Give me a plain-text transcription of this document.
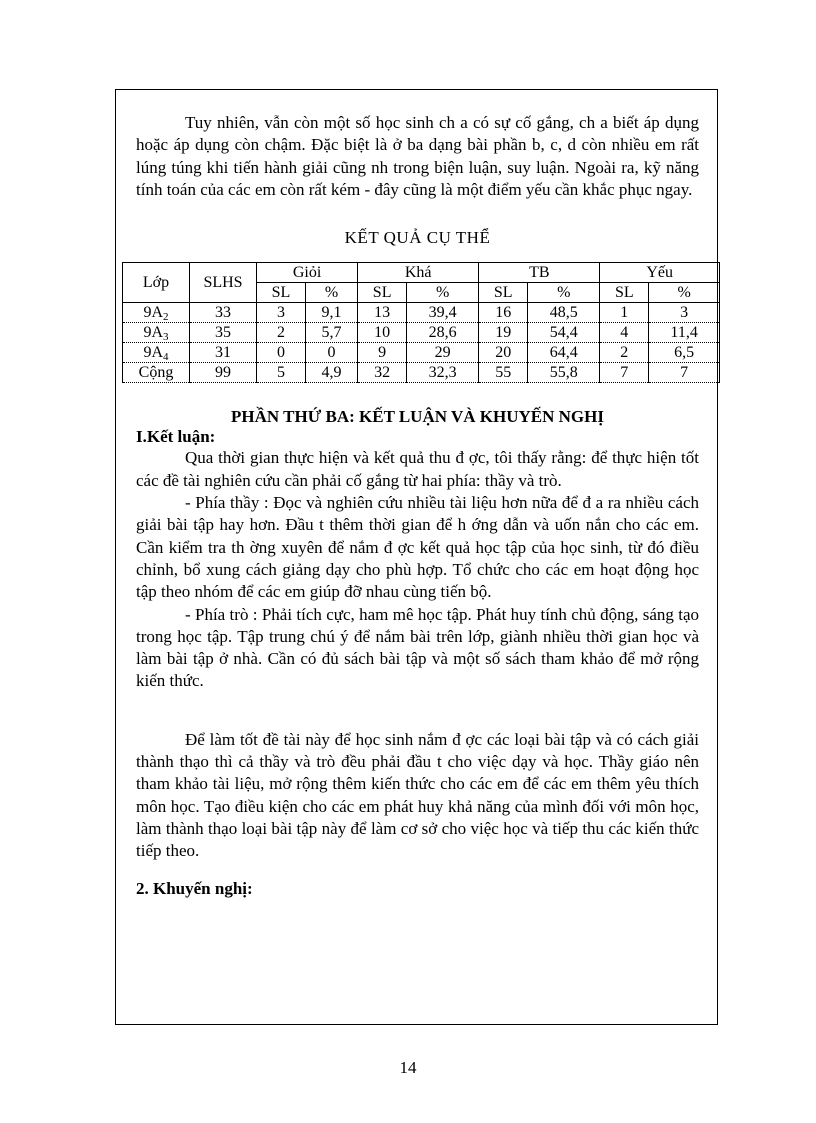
Tuy nhiên, vẫn còn một số học sinh ch a có sự cố gắng, ch a biết áp dụng hoặc áp dụng còn chậm. Đặc biệt là ở ba dạng bài phần b, c, d còn nhiều em rất lúng túng khi tiến hành giải cũng nh trong biện luận, suy luận. Ngoài ra, kỹ năng tính toán của các em còn rất kém - đây cũng là một điểm yếu cần khắc phục ngay.

KẾT QUẢ CỤ THỂ

Lớp	SLHS	Giỏi		Khá		TB		Yếu	
		SL	%	SL	%	SL	%	SL	%
$9A_2$	33	3	9,1	13	39,4	16	48,5	1	3
$9A_3$	35	2	5,7	10	28,6	19	54,4	4	11,4
$9A_4$	31	0	0	9	29	20	64,4	2	6,5
Cộng	99	5	4,9	32	32,3	55	55,8	7	7

PHẦN THỨ BA: KẾT LUẬN VÀ KHUYẾN NGHỊ

I.Kết luận:

Qua thời gian thực hiện và kết quả thu đ ợc, tôi thấy rằng: để thực hiện tốt các đề tài nghiên cứu cần phải cố gắng từ hai phía: thầy và trò.

- Phía thầy : Đọc và nghiên cứu nhiều tài liệu hơn nữa để đ a ra nhiều cách giải bài tập hay hơn. Đầu t thêm thời gian để h ớng dẫn và uốn nắn cho các em. Cần kiểm tra th ờng xuyên để nắm đ ợc kết quả học tập của học sinh, từ đó điều chỉnh, bổ xung cách giảng dạy cho phù hợp. Tổ chức cho các em hoạt động học tập theo nhóm để các em giúp đỡ nhau cùng tiến bộ.

- Phía trò : Phải tích cực, ham mê học tập. Phát huy tính chủ động, sáng tạo trong học tập. Tập trung chú ý để nắm bài trên lớp, giành nhiều thời gian học và làm bài tập ở nhà. Cần có đủ sách bài tập và một số sách tham khảo để mở rộng kiến thức.

Để làm tốt đề tài này để học sinh nắm đ ợc các loại bài tập và có cách giải thành thạo thì cả thầy và trò đều phải đầu t cho việc dạy và học. Thầy giáo nên tham khảo tài liệu, mở rộng thêm kiến thức cho các em để các em thêm yêu thích môn học. Tạo điều kiện cho các em phát huy khả năng của mình đối với môn học, làm thành thạo loại bài tập này để làm cơ sở cho việc học và tiếp thu các kiến thức tiếp theo.

2. Khuyến nghị:

14
